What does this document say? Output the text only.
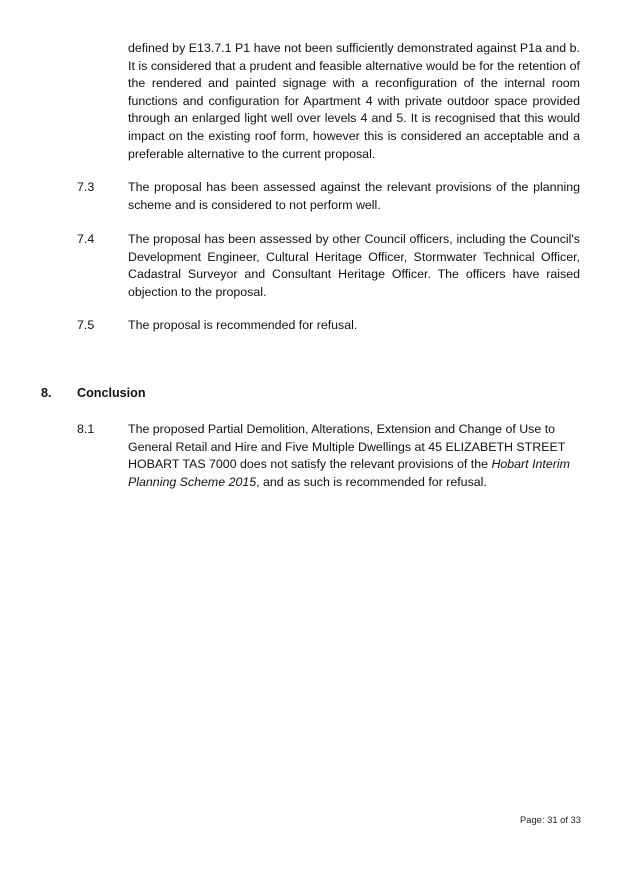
defined by E13.7.1 P1 have not been sufficiently demonstrated against P1a and b. It is considered that a prudent and feasible alternative would be for the retention of the rendered and painted signage with a reconfiguration of the internal room functions and configuration for Apartment 4 with private outdoor space provided through an enlarged light well over levels 4 and 5. It is recognised that this would impact on the existing roof form, however this is considered an acceptable and a preferable alternative to the current proposal.
7.3	The proposal has been assessed against the relevant provisions of the planning scheme and is considered to not perform well.
7.4	The proposal has been assessed by other Council officers, including the Council's Development Engineer, Cultural Heritage Officer, Stormwater Technical Officer, Cadastral Surveyor and Consultant Heritage Officer. The officers have raised objection to the proposal.
7.5	The proposal is recommended for refusal.
8. Conclusion
8.1	The proposed Partial Demolition, Alterations, Extension and Change of Use to General Retail and Hire and Five Multiple Dwellings at 45 ELIZABETH STREET HOBART TAS 7000 does not satisfy the relevant provisions of the Hobart Interim Planning Scheme 2015, and as such is recommended for refusal.
Page: 31 of 33
